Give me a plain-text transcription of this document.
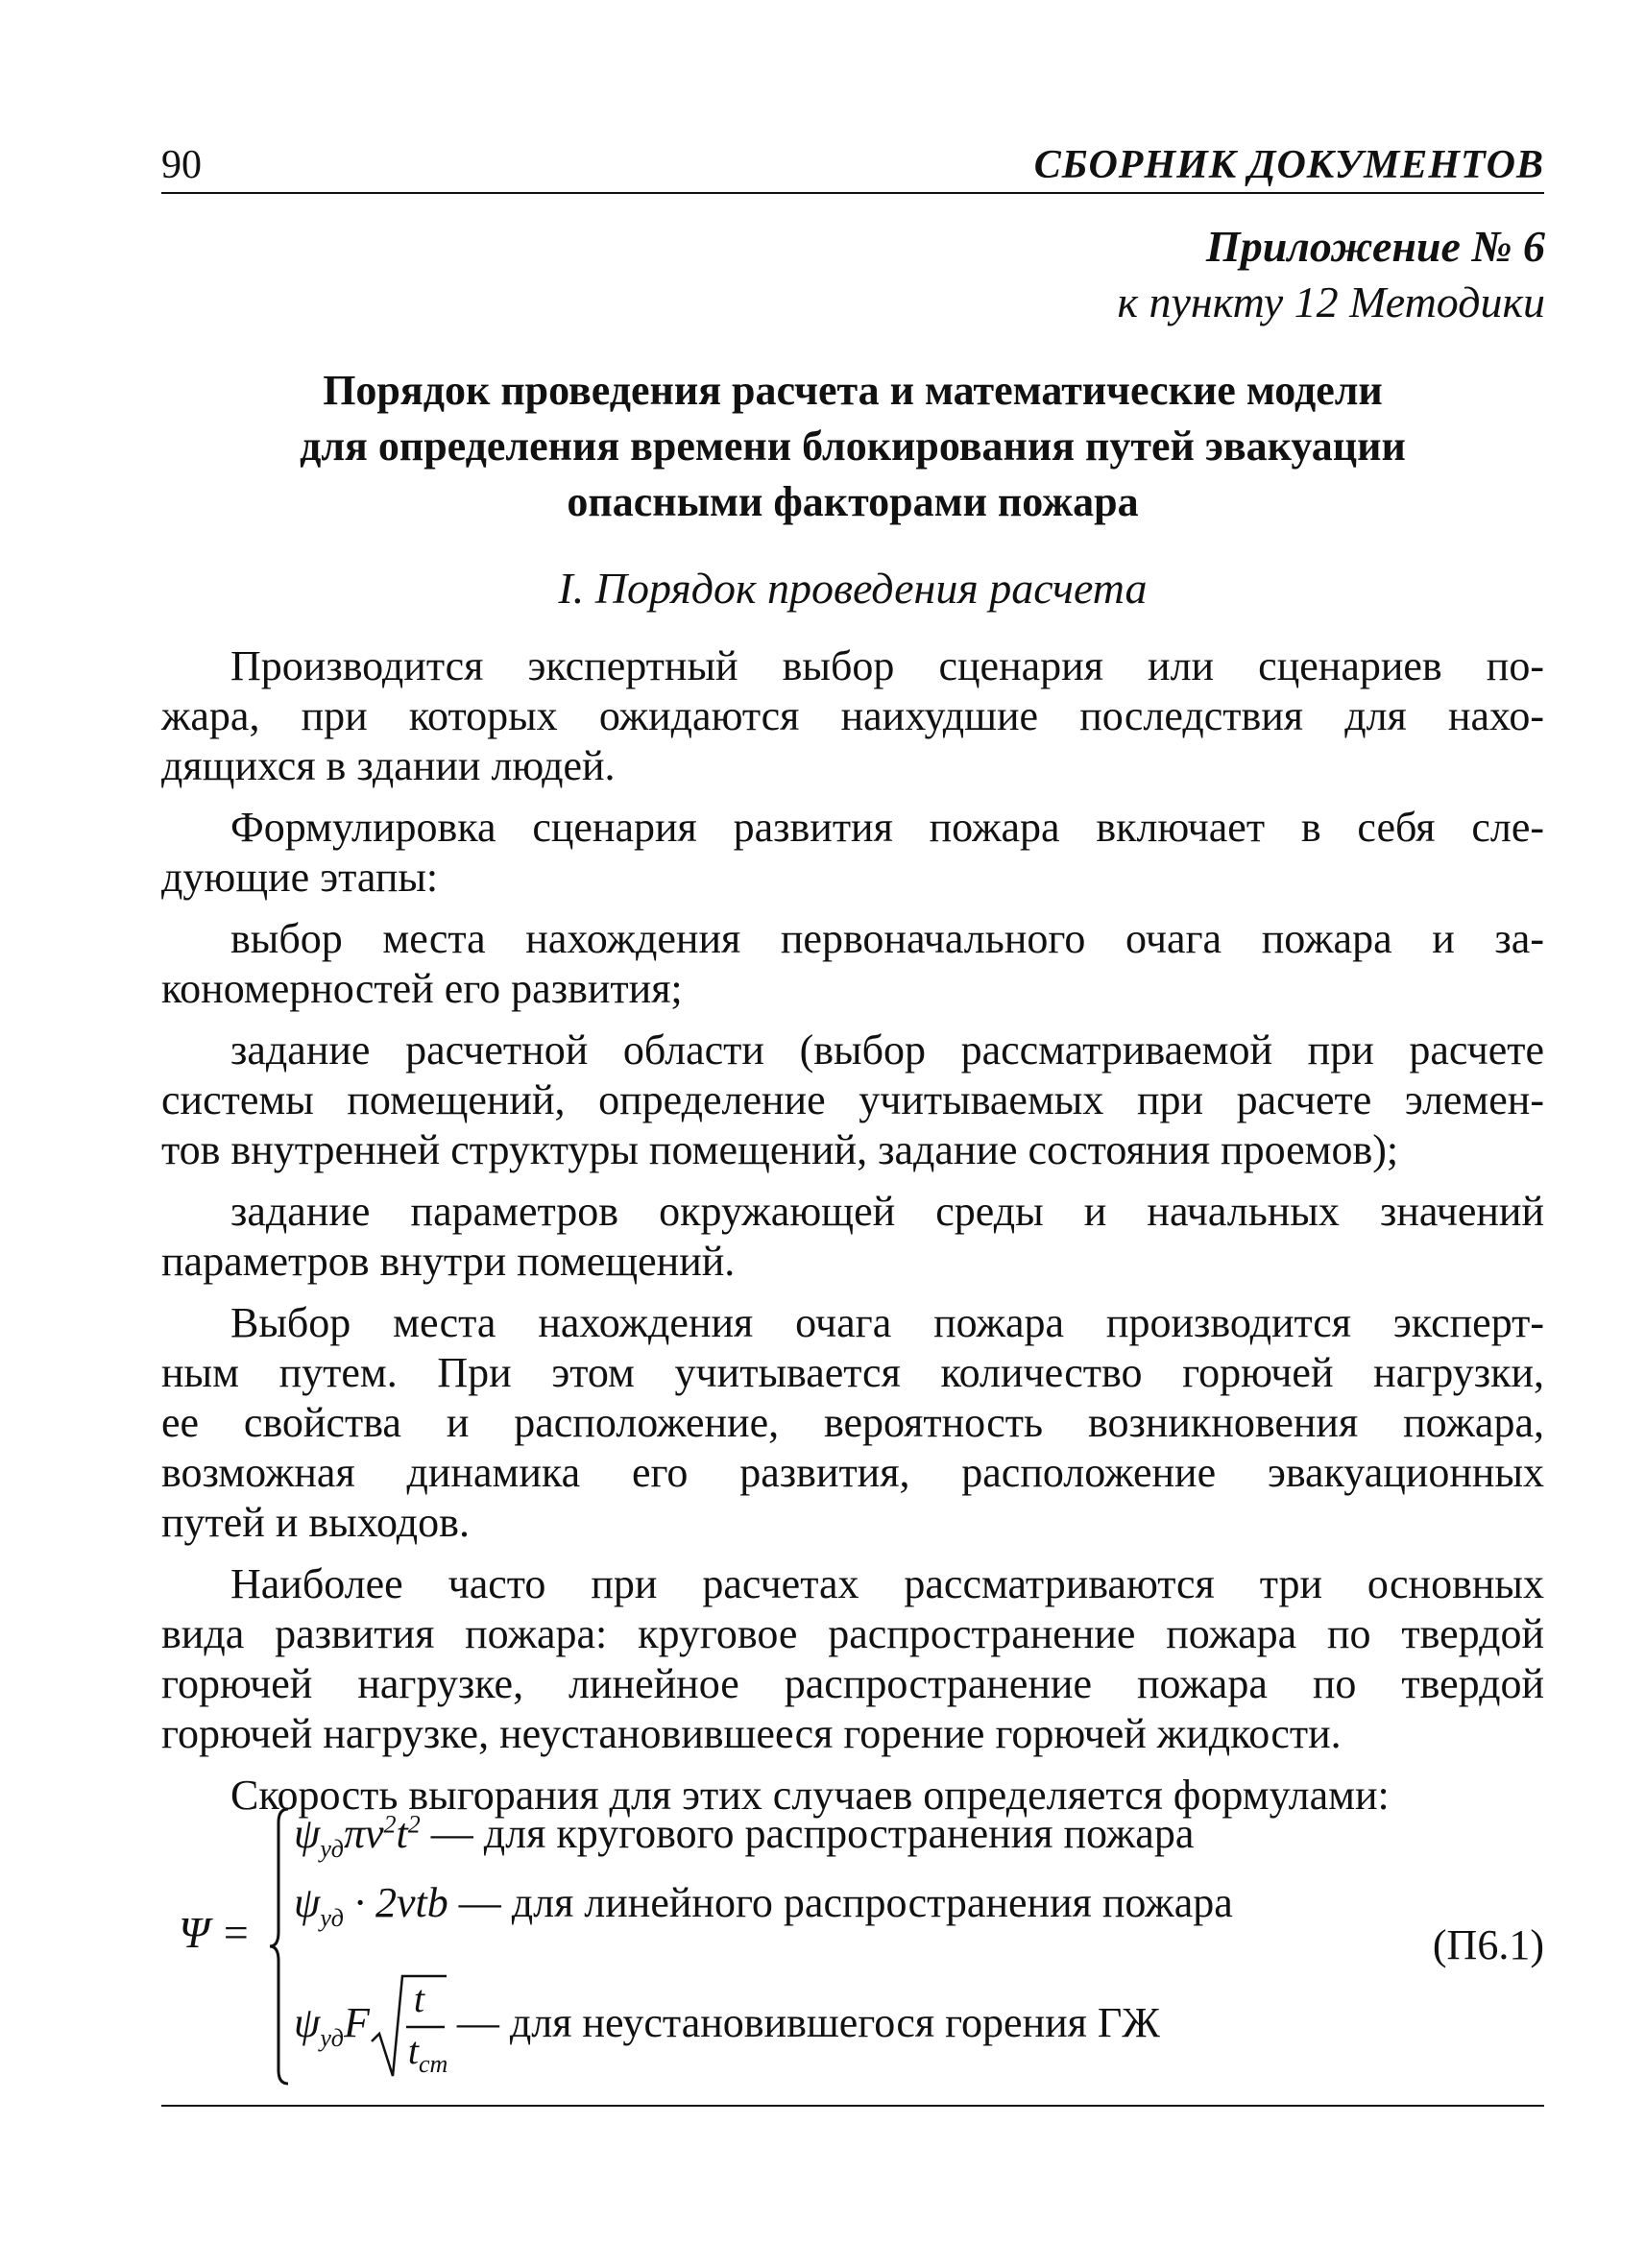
90	СБОРНИК ДОКУМЕНТОВ
Приложение № 6
к пункту 12 Методики
Порядок проведения расчета и математические модели
для определения времени блокирования путей эвакуации
опасными факторами пожара
I. Порядок проведения расчета
Производится экспертный выбор сценария или сценариев по-
жара, при которых ожидаются наихудшие последствия для нахо-
дящихся в здании людей.
Формулировка сценария развития пожара включает в себя сле-
дующие этапы:
выбор места нахождения первоначального очага пожара и за-
кономерностей его развития;
задание расчетной области (выбор рассматриваемой при расчете
системы помещений, определение учитываемых при расчете элемен-
тов внутренней структуры помещений, задание состояния проемов);
задание параметров окружающей среды и начальных значений
параметров внутри помещений.
Выбор места нахождения очага пожара производится эксперт-
ным путем. При этом учитывается количество горючей нагрузки,
ее свойства и расположение, вероятность возникновения пожара,
возможная динамика его развития, расположение эвакуационных
путей и выходов.
Наиболее часто при расчетах рассматриваются три основных
вида развития пожара: круговое распространение пожара по твердой
горючей нагрузке, линейное распространение пожара по твердой
горючей нагрузке, неустановившееся горение горючей жидкости.
Скорость выгорания для этих случаев определяется формулами:
Ψ =
$\psi_{уд}\pi v^2t^2$ — для кругового распространения пожара
$\psi_{уд} \cdot 2vtb$ — для линейного распространения пожара
$\psi_{уд}F$
t
$t_{ст}$
— для неустановившегося горения ГЖ
(П6.1)
